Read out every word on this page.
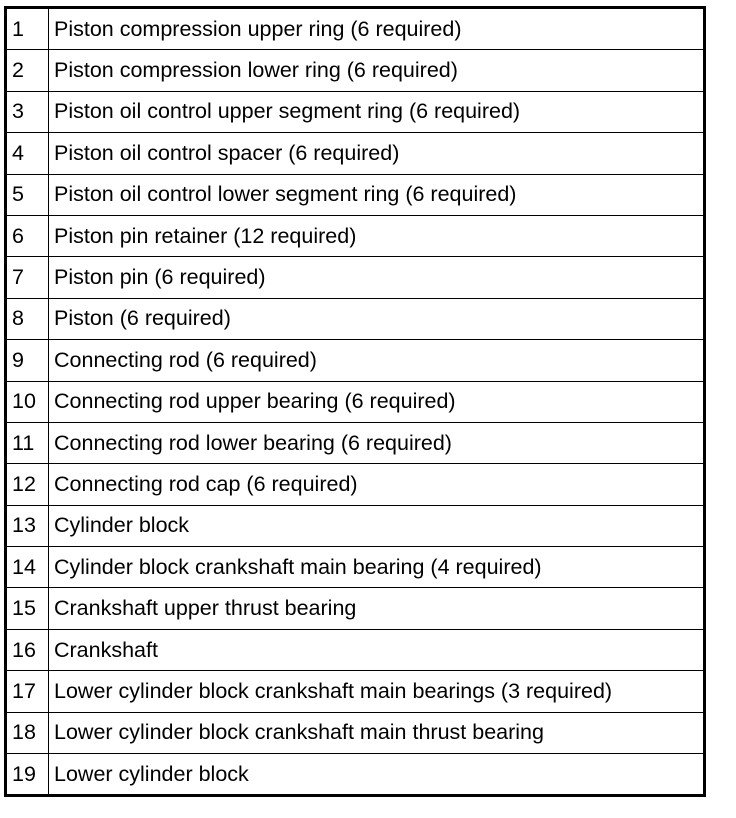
1	Piston compression upper ring (6 required)
2	Piston compression lower ring (6 required)
3	Piston oil control upper segment ring (6 required)
4	Piston oil control spacer (6 required)
5	Piston oil control lower segment ring (6 required)
6	Piston pin retainer (12 required)
7	Piston pin (6 required)
8	Piston (6 required)
9	Connecting rod (6 required)
10	Connecting rod upper bearing (6 required)
11	Connecting rod lower bearing (6 required)
12	Connecting rod cap (6 required)
13	Cylinder block
14	Cylinder block crankshaft main bearing (4 required)
15	Crankshaft upper thrust bearing
16	Crankshaft
17	Lower cylinder block crankshaft main bearings (3 required)
18	Lower cylinder block crankshaft main thrust bearing
19	Lower cylinder block
